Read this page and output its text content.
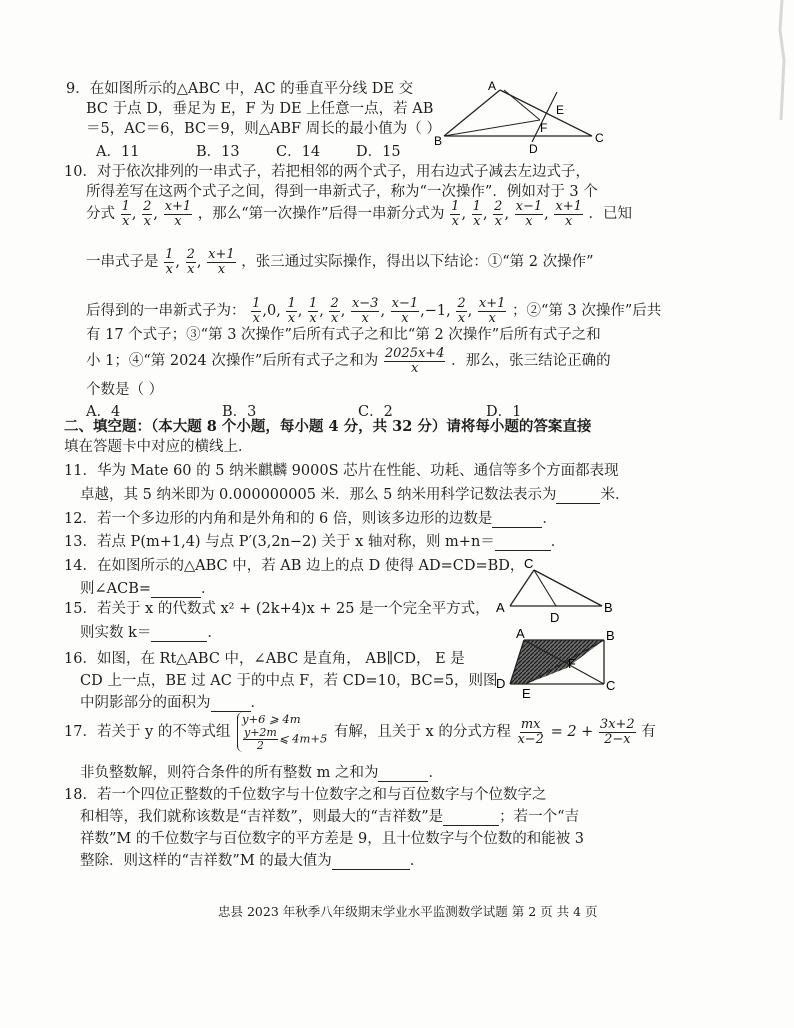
9．在如图所示的△ABC 中，AC 的垂直平分线 DE 交
BC 于点 D，垂足为 E，F 为 DE 上任意一点，若 AB
＝5，AC＝6，BC＝9，则△ABF 周长的最小值为（ ）
A．11	B．13	C．14 D．15
A
B	C
D
E
F
10．对于依次排列的一串式子，若把相邻的两个式子，用右边式子减去左边式子，
所得差写在这两个式子之间，得到一串新式子，称为“一次操作”．例如对于 3 个
分式 $\frac{1}{x}$ , $\frac{2}{x}$ , $\frac{x+1}{x}$ ，那么“第一次操作”后得一串新分式为 $\frac{1}{x}$ , $\frac{1}{x}$ , $\frac{2}{x}$ , $\frac{x-1}{x}$ , $\frac{x+1}{x}$ ．已知
一串式子是 $\frac{1}{x}$ , $\frac{2}{x}$ , $\frac{x+1}{x}$ ，张三通过实际操作，得出以下结论：①“第 2 次操作”
后得到的一串新式子为： $\frac{1}{x} ,0$, $\frac{1}{x}$ , $\frac{1}{x}$ , $\frac{2}{x}$ , $\frac{x-3}{x}$ , $\frac{x-1}{x} ,-1$, $\frac{2}{x}$ , $\frac{x+1}{x}$ ；②“第 3 次操作”后共
有 17 个式子；③“第 3 次操作”后所有式子之和比“第 2 次操作”后所有式子之和
小 1；④“第 2024 次操作”后所有式子之和为 $\frac{2025x+4}{x}$ ．那么，张三结论正确的
个数是（ ）
A．4	B．3	C．2	D．1
二、填空题：（本大题 8 个小题，每小题 4 分，共 32 分）请将每小题的答案直接
填在答题卡中对应的横线上．
11．华为 Mate 60 的 5 纳米麒麟 9000S 芯片在性能、功耗、通信等多个方面都表现
卓越，其 5 纳米即为 0.000000005 米．那么 5 纳米用科学记数法表示为	米．
12．若一个多边形的内角和是外角和的 6 倍，则该多边形的边数是	．
13．若点 P(m+1,4) 与点 P′(3,2n−2) 关于 x 轴对称，则 m+n＝	．
14．在如图所示的△ABC 中，若 AB 边上的点 D 使得 AD=CD=BD，
则∠ACB=	．
C
A	B
D
15．若关于 x 的代数式 x² + (2k+4)x + 25 是一个完全平方式，
则实数 k＝	．
16．如图，在 Rt△ABC 中，∠ABC 是直角， AB∥CD， E 是
CD 上一点，BE 过 AC 于的中点 F，若 CD=10，BC=5，则图
中阴影部分的面积为	．
A	B
C
D
E
F
17．若关于 y 的不等式组
y+6 ⩾ 4m
$\frac{y+2m}{2}$ ⩽ 4m+5 有解，且关于 x 的分式方程 $\frac{mx}{x-2} = 2 + \frac{3x+2}{2-x}$ 有
非负整数解，则符合条件的所有整数 m 之和为	．
18．若一个四位正整数的千位数字与十位数字之和与百位数字与个位数字之
和相等，我们就称该数是“吉祥数”，则最大的“吉祥数”是	；若一个“吉
祥数”M 的千位数字与百位数字的平方差是 9，且十位数字与个位数的和能被 3
整除．则这样的“吉祥数”M 的最大值为	．
忠县 2023 年秋季八年级期末学业水平监测数学试题 第 2 页 共 4 页
